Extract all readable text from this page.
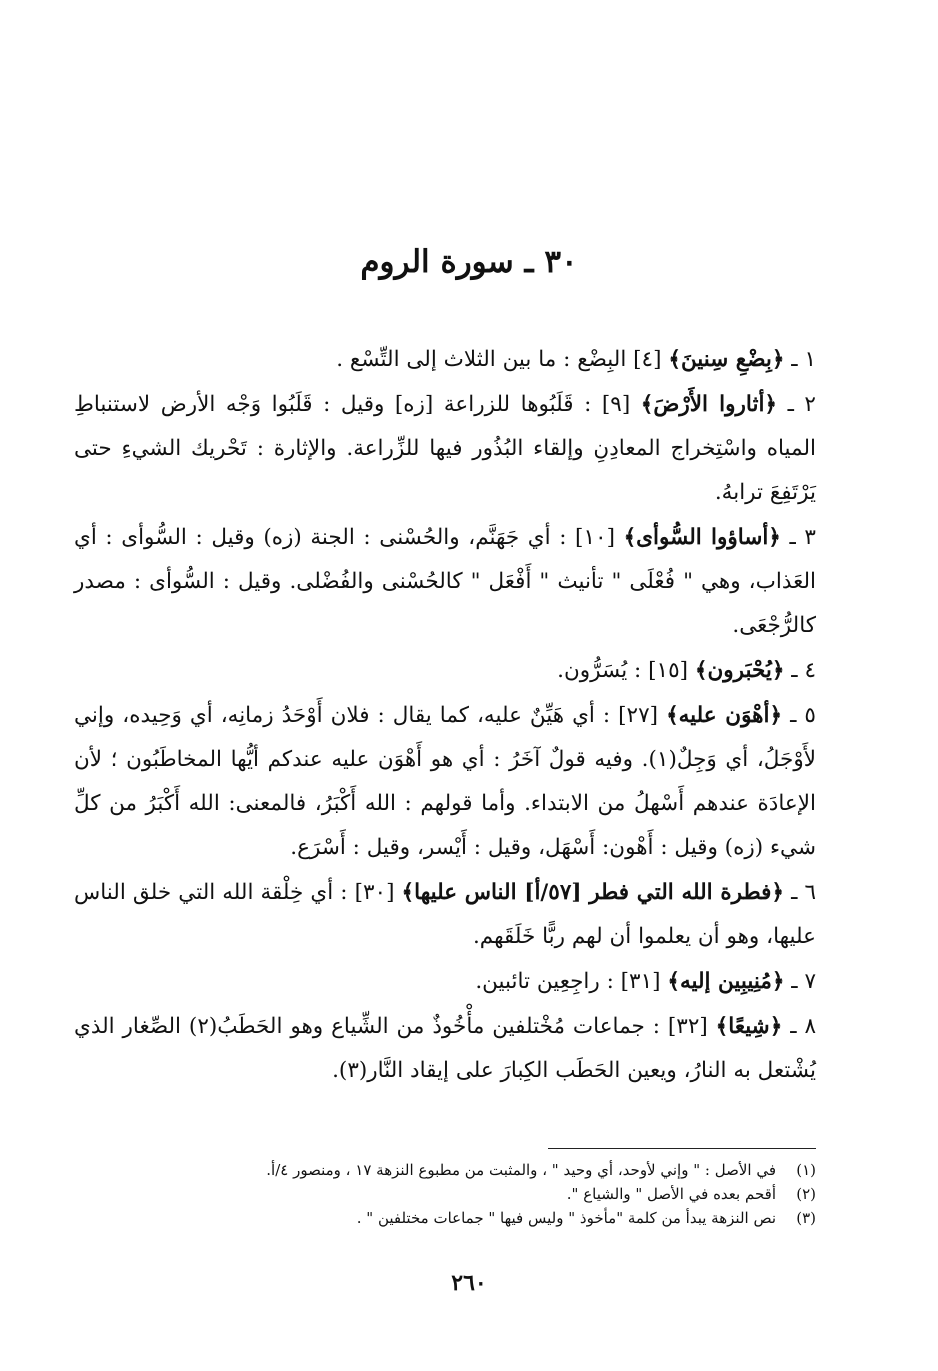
٣٠ ـ سورة الروم

١ ـ ﴿بِضْعِ سِنينَ﴾ [٤] البِضْع : ما بين الثلاث إلى التِّسْع .

٢ ـ ﴿أثاروا الأَرْضَ﴾ [٩] : قَلَبُوها للزراعة [زه] وقيل : قَلَبُوا وَجْه الأرض لاستنباطِ المياه واسْتِخراج المعادِنِ وإلقاء البُذُور فيها للزِّراعة. والإثارة : تَحْريك الشيءِ حتى يَرْتَفِعَ ترابهُ.

٣ ـ ﴿أساؤوا السُّوأى﴾ [١٠] : أي جَهَنَّم، والحُسْنى : الجنة (زه) وقيل : السُّوأى : أي العَذاب، وهي " فُعْلَى " تأنيث " أَفْعَل " كالحُسْنى والفُضْلى. وقيل : السُّوأى : مصدر كالرُّجْعَى.

٤ ـ ﴿يُحْبَرون﴾ [١٥] : يُسَرُّون.

٥ ـ ﴿أهْوَن عليه﴾ [٢٧] : أي هَيِّنٌ عليه، كما يقال : فلان أَوْحَدُ زمانِه، أي وَحِيده، وإني لأَوْجَلُ، أي وَجِلٌ(١). وفيه قولٌ آخَرُ : أي هو أَهْوَن عليه عندكم أيُّها المخاطَبُون ؛ لأن الإعادَة عندهم أَسْهلُ من الابتداء. وأما قولهم : الله أَكْبَرُ، فالمعنى: الله أَكْبَرُ من كلِّ شيء (زه) وقيل : أَهْون: أَسْهَل، وقيل : أَيْسر، وقيل : أَسْرَع.

٦ ـ ﴿فطرة الله التي فطر [٥٧/أ] الناس عليها﴾ [٣٠] : أي خِلْقة الله التي خلق الناس عليها، وهو أن يعلموا أن لهم ربًّا خَلَقَهم.

٧ ـ ﴿مُنِيبِين إليه﴾ [٣١] : راجِعِين تائبين.

٨ ـ ﴿شِيعًا﴾ [٣٢] : جماعات مُخْتلفين مأْخُوذٌ من الشِّياع وهو الحَطَبُ(٢) الصِّغار الذي يُشْتعل به النارُ، ويعين الحَطَب الكِبارَ على إيقاد النَّار(٣).

(١)
في الأصل : " وإني لأوحد، أي وحيد " ، والمثبت من مطبوع النزهة ١٧ ، ومنصور ٤/أ.
(٢)
أقحم بعده في الأصل " والشياع ".
(٣)
نص النزهة يبدأ من كلمة "مأخوذ " وليس فيها " جماعات مختلفين " .
٢٦٠
